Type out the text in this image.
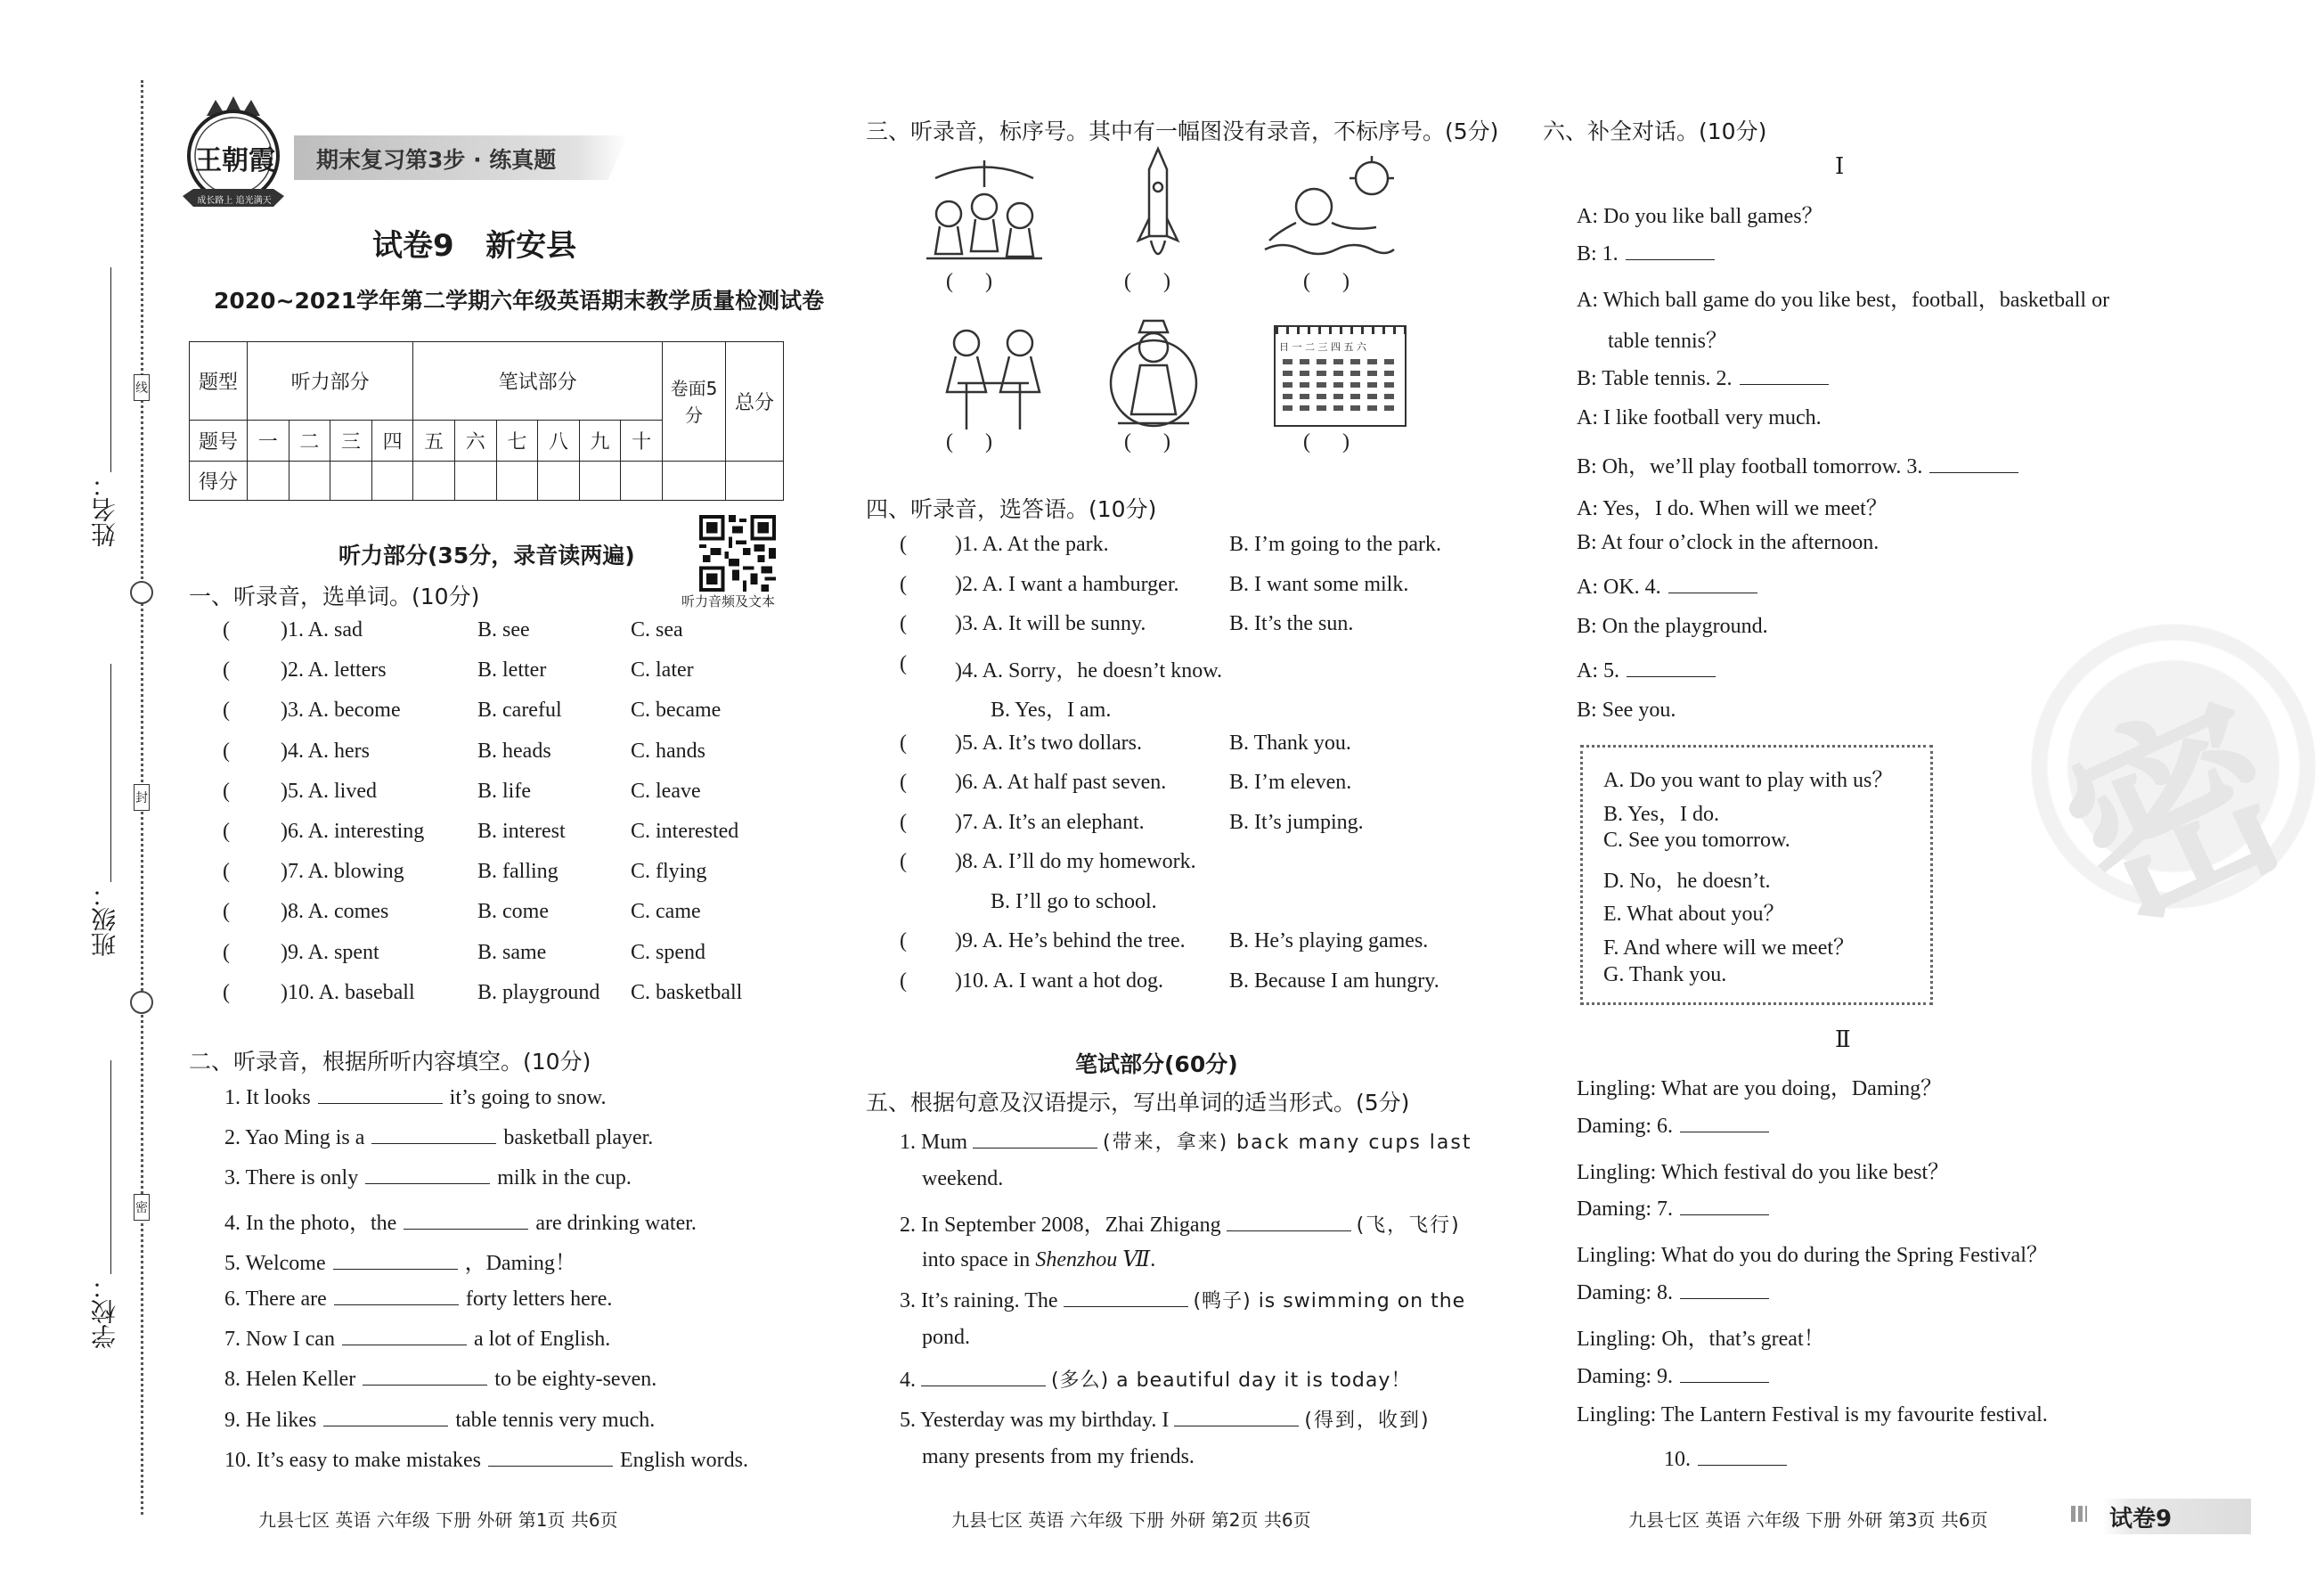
线
封
密
姓名：
班级：
学校：
王朝霞
成长路上 追光满天
期末复习第3步 · 练真题
试卷9   新安县
2020~2021学年第二学期六年级英语期末教学质量检测试卷
题型	听力部分				笔试部分						卷面5分	总分
题号	一	二	三	四	五	六	七	八	九	十		
得分												
听力部分(35分，录音读两遍)
听力音频及文本
一、听录音，选单词。(10分)
( )1. A. sad	B. see	C. sea
( )2. A. letters	B. letter	C. later
( )3. A. become	B. careful	C. became
( )4. A. hers	B. heads	C. hands
( )5. A. lived	B. life	C. leave
( )6. A. interesting B. interest	C. interested
( )7. A. blowing	B. falling	C. flying
( )8. A. comes	B. come	C. came
( )9. A. spent	B. same	C. spend
( )10. A. baseball	B. playground C. basketball
二、听录音，根据所听内容填空。(10分)
1. It looks	it’s going to snow.
2. Yao Ming is a	basketball player.
3. There is only	milk in the cup.
4. In the photo，the	are drinking water.
5. Welcome	，Daming！
6. There are	forty letters here.
7. Now I can	a lot of English.
8. Helen Keller	to be eighty-seven.
9. He likes	table tennis very much.
10. It’s easy to make mistakes	English words.
三、听录音，标序号。其中有一幅图没有录音，不标序号。(5分)
日 一 二 三 四 五 六
(      )	(      )	(      )
(      )	(      )	(      )
四、听录音，选答语。(10分)
( )1. A. At the park.	B. I’m going to the park.
( )2. A. I want a hamburger. B. I want some milk.
( )3. A. It will be sunny.	B. It’s the sun.
( )4. A. Sorry，he doesn’t know.
B. Yes，I am.
( )5. A. It’s two dollars.	B. Thank you.
( )6. A. At half past seven.	B. I’m eleven.
( )7. A. It’s an elephant.	B. It’s jumping.
( )8. A. I’ll do my homework.
B. I’ll go to school.
( )9. A. He’s behind the tree. B. He’s playing games.
( )10. A. I want a hot dog.	B. Because I am hungry.
笔试部分(60分)
五、根据句意及汉语提示，写出单词的适当形式。(5分)
1. Mum	(带来，拿来) back many cups last
weekend.
2. In September 2008，Zhai Zhigang	(飞，飞行)
into space in Shenzhou Ⅶ.
3. It’s raining. The	(鸭子) is swimming on the
pond.
4.	(多么) a beautiful day it is today！
5. Yesterday was my birthday. I	(得到，收到)
many presents from my friends.
密
六、补全对话。(10分)
Ⅰ
A: Do you like ball games？
B: 1.
A: Which ball game do you like best，football，basketball or
table tennis？
B: Table tennis. 2.
A: I like football very much.
B: Oh，we’ll play football tomorrow. 3.
A: Yes，I do. When will we meet？
B: At four o’clock in the afternoon.
A: OK. 4.
B: On the playground.
A: 5.
B: See you.
A. Do you want to play with us？
B. Yes，I do.
C. See you tomorrow.
D. No，he doesn’t.
E. What about you？
F. And where will we meet？
G. Thank you.
Ⅱ
Lingling: What are you doing，Daming？
Daming: 6.
Lingling: Which festival do you like best？
Daming: 7.
Lingling: What do you do during the Spring Festival？
Daming: 8.
Lingling: Oh，that’s great！
Daming: 9.
Lingling: The Lantern Festival is my favourite festival.
10.
九县七区 英语 六年级 下册 外研 第1页 共6页	九县七区 英语 六年级 下册 外研 第2页 共6页	九县七区 英语 六年级 下册 外研 第3页 共6页	试卷9
